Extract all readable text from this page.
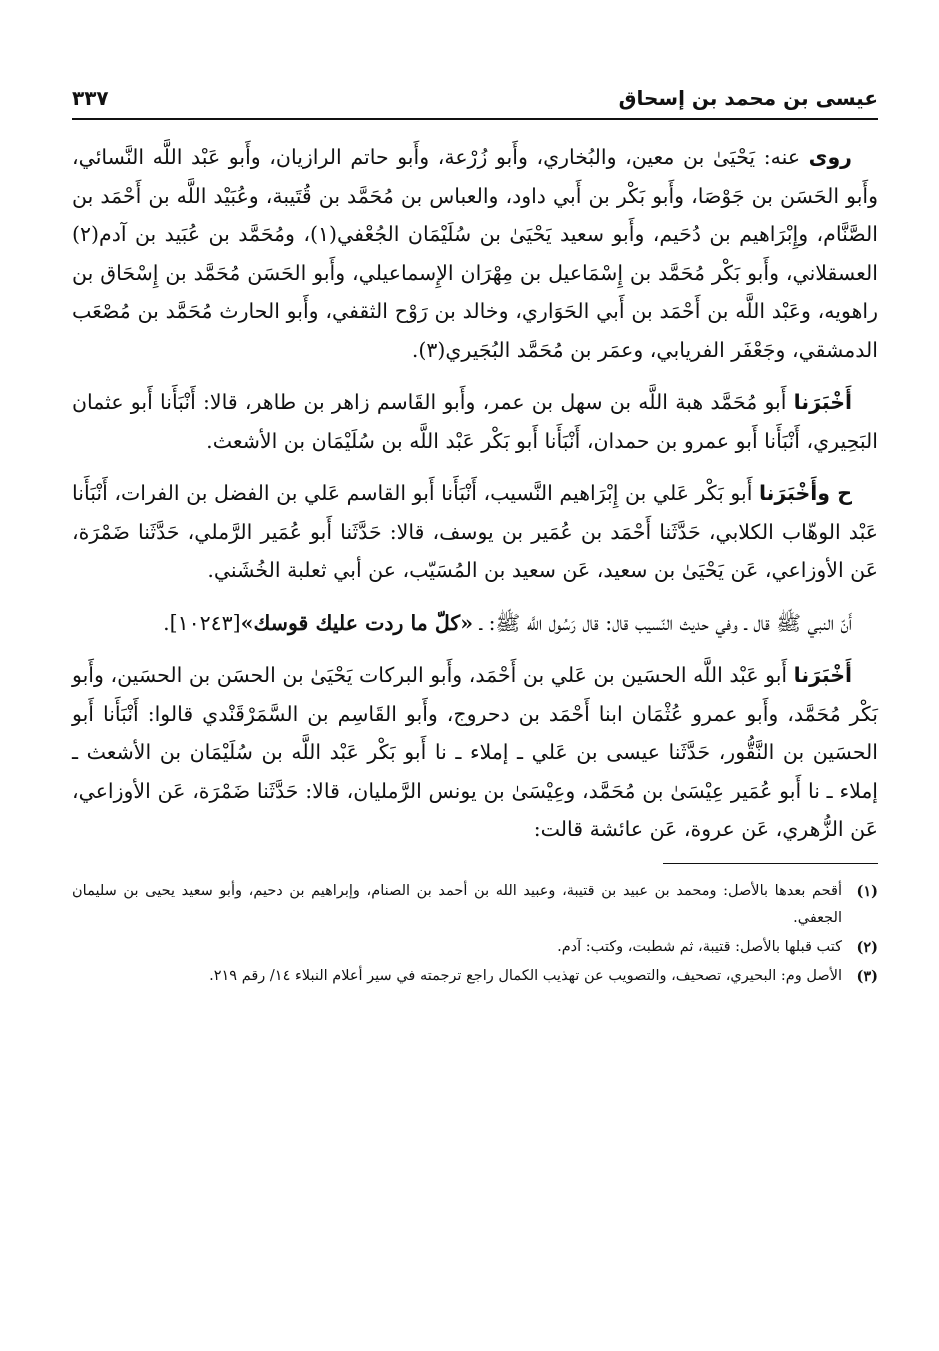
عيسى بن محمد بن إسحاق
٣٣٧

روى عنه: يَحْيَىٰ بن معين، والبُخاري، وأَبو زُرْعة، وأَبو حاتم الرازيان، وأَبو عَبْد اللَّه النَّسائي، وأَبو الحَسَن بن جَوْصَا، وأَبو بَكْر بن أَبي داود، والعباس بن مُحَمَّد بن قُتَيبة، وعُبَيْد اللَّه بن أَحْمَد بن الصَّنَّام، وإِبْرَاهيم بن دُحَيم، وأَبو سعيد يَحْيَىٰ بن سُلَيْمَان الجُعْفي(١)، ومُحَمَّد بن عُبَيد بن آدم(٢) العسقلاني، وأَبو بَكْر مُحَمَّد بن إِسْمَاعيل بن مِهْرَان الإِسماعيلي، وأَبو الحَسَن مُحَمَّد بن إِسْحَاق بن راهويه، وعَبْد اللَّه بن أَحْمَد بن أَبي الحَوَاري، وخالد بن رَوْح الثقفي، وأَبو الحارث مُحَمَّد بن مُصْعَب الدمشقي، وجَعْفَر الفريابي، وعمَر بن مُحَمَّد البُجَيري(٣).

أَخْبَرَنا أَبو مُحَمَّد هبة اللَّه بن سهل بن عمر، وأَبو القَاسم زاهر بن طاهر، قالا: أَنْبَأَنا أَبو عثمان البَحِيري، أَنْبَأَنا أَبو عمرو بن حمدان، أَنْبَأَنا أَبو بَكْر عَبْد اللَّه بن سُلَيْمَان بن الأشعث.

ح وأَخْبَرَنا أَبو بَكْر عَلي بن إِبْرَاهيم النَّسيب، أَنْبَأَنا أَبو القاسم عَلي بن الفضل بن الفرات، أَنْبَأَنا عَبْد الوهّاب الكلابي، حَدَّثَنا أَحْمَد بن عُمَير بن يوسف، قالا: حَدَّثَنا أَبو عُمَير الرَّملي، حَدَّثَنا ضَمْرَة، عَن الأوزاعي، عَن يَحْيَىٰ بن سعيد، عَن سعيد بن المُسَيّب، عن أبي ثعلبة الخُشَني.

أَنّ النبي ﷺ قال ـ وفي حديث النّسيب قال: قال رَسُول اللَّه ﷺ: ـ «كلّ ما ردت عليك قوسك»[١٠٢٤٣].

أَخْبَرَنا أَبو عَبْد اللَّه الحسَين بن عَلي بن أَحْمَد، وأَبو البركات يَحْيَىٰ بن الحسَن بن الحسَين، وأَبو بَكْر مُحَمَّد، وأَبو عمرو عُثْمَان ابنا أَحْمَد بن دحروج، وأَبو القَاسِم بن السَّمَرْقَنْدي قالوا: أَنْبَأَنا أَبو الحسَين بن النَّقُّور، حَدَّثَنا عيسى بن عَلي ـ إملاء ـ نا أَبو بَكْر عَبْد اللَّه بن سُلَيْمَان بن الأشعث ـ إملاء ـ نا أَبو عُمَير عِيْسَىٰ بن مُحَمَّد، وعِيْسَىٰ بن يونس الرَّمليان، قالا: حَدَّثَنا ضَمْرَة، عَن الأوزاعي، عَن الزُّهري، عَن عروة، عَن عائشة قالت:

(١)
أقحم بعدها بالأصل: ومحمد بن عبيد بن قتيبة، وعبيد الله بن أحمد بن الصنام، وإبراهيم بن دحيم، وأبو سعيد يحيى بن سليمان الجعفي.
(٢)
كتب قبلها بالأصل: قتيبة، ثم شطبت، وكتب: آدم.
(٣)
الأصل وم: البحيري، تصحيف، والتصويب عن تهذيب الكمال راجع ترجمته في سير أعلام النبلاء ١٤/ رقم ٢١٩.
